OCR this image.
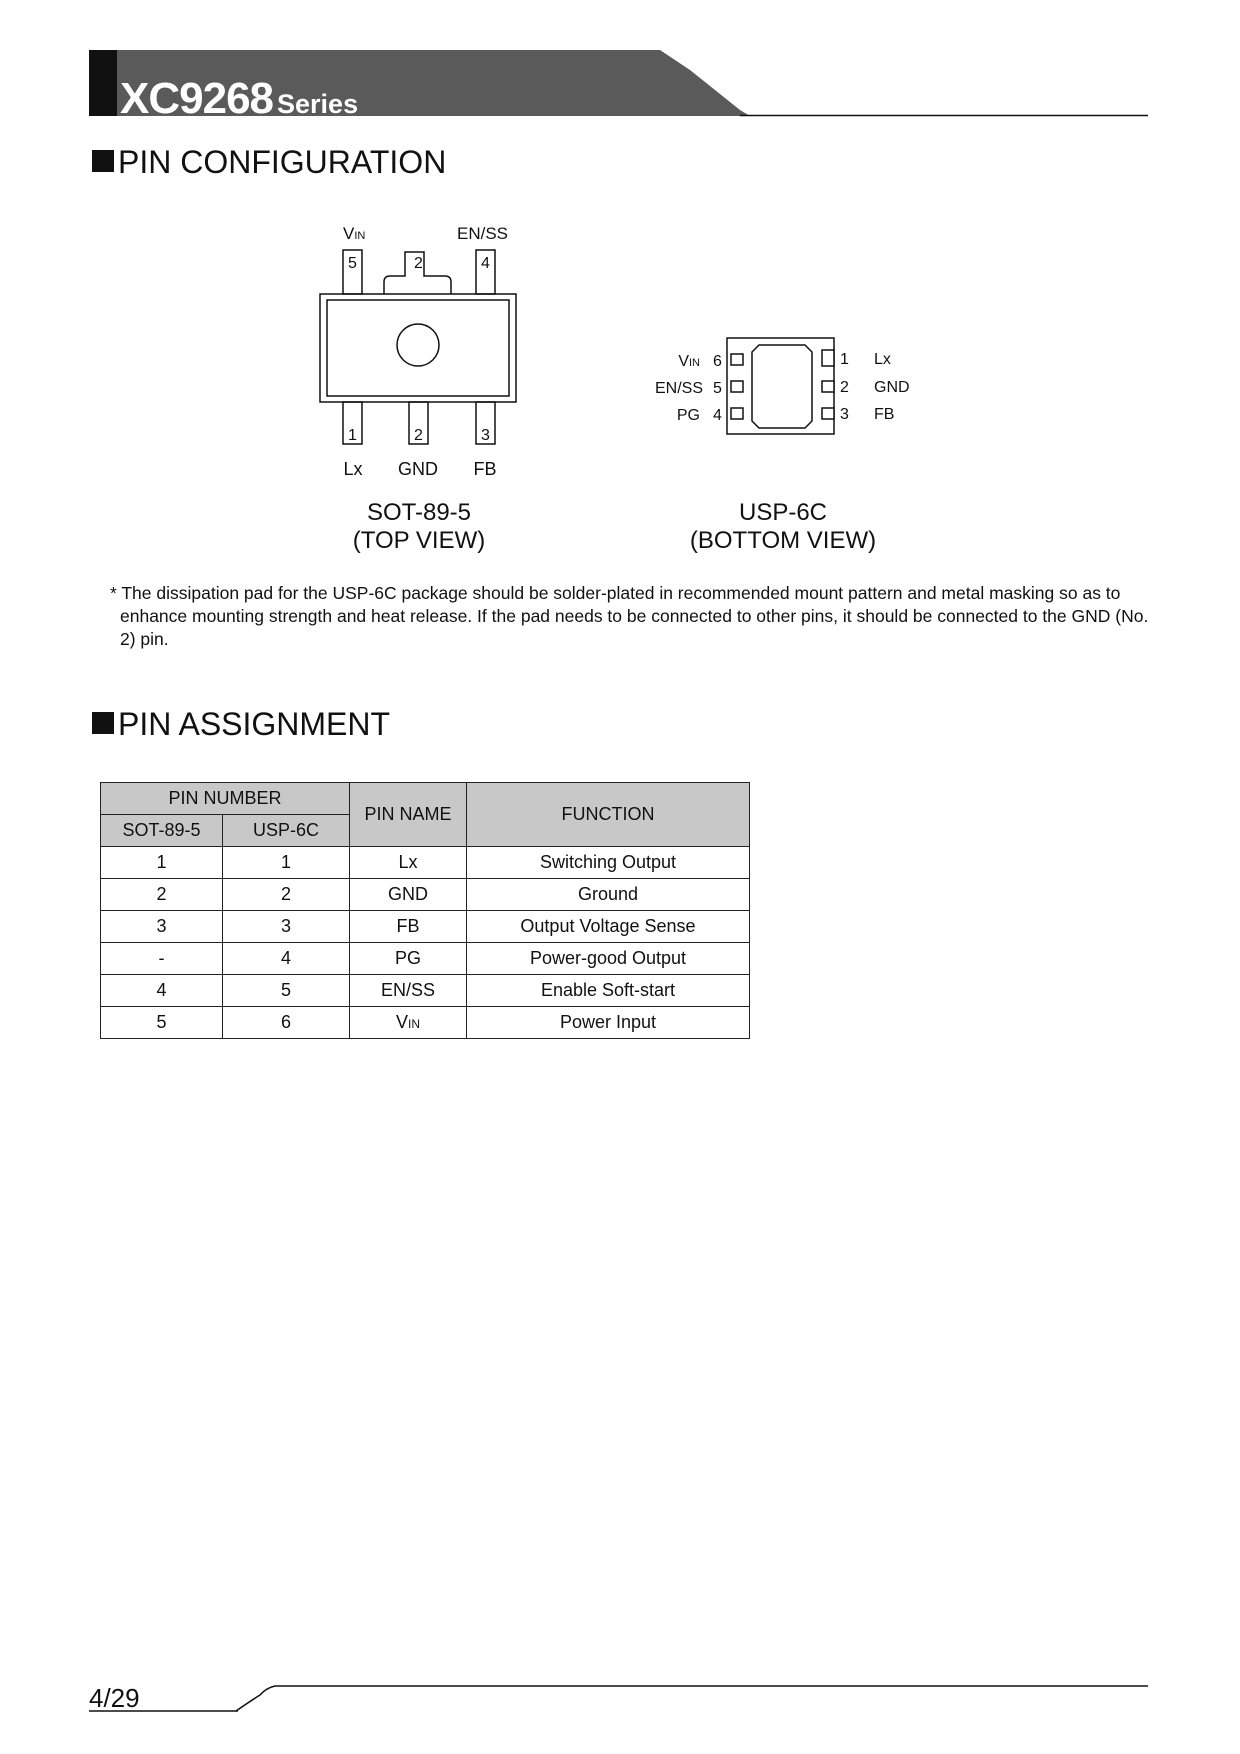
XC9268 Series
PIN CONFIGURATION
VIN	EN/SS
5	2	4
1	2	3
Lx GND FB
SOT-89-5
(TOP VIEW)
VIN
EN/SS
PG
6
5
4
1
2
3
Lx
GND
FB
USP-6C
(BOTTOM VIEW)
* The dissipation pad for the USP-6C package should be solder-plated in recommended mount pattern and metal masking so as to enhance mounting strength and heat release. If the pad needs to be connected to other pins, it should be connected to the GND (No. 2) pin.
PIN ASSIGNMENT
PIN NUMBER		PIN NAME	FUNCTION
SOT-89-5	USP-6C		
1	1	Lx	Switching Output
2	2	GND	Ground
3	3	FB	Output Voltage Sense
-	4	PG	Power-good Output
4	5	EN/SS	Enable Soft-start
5	6	VIN	Power Input
4/29
